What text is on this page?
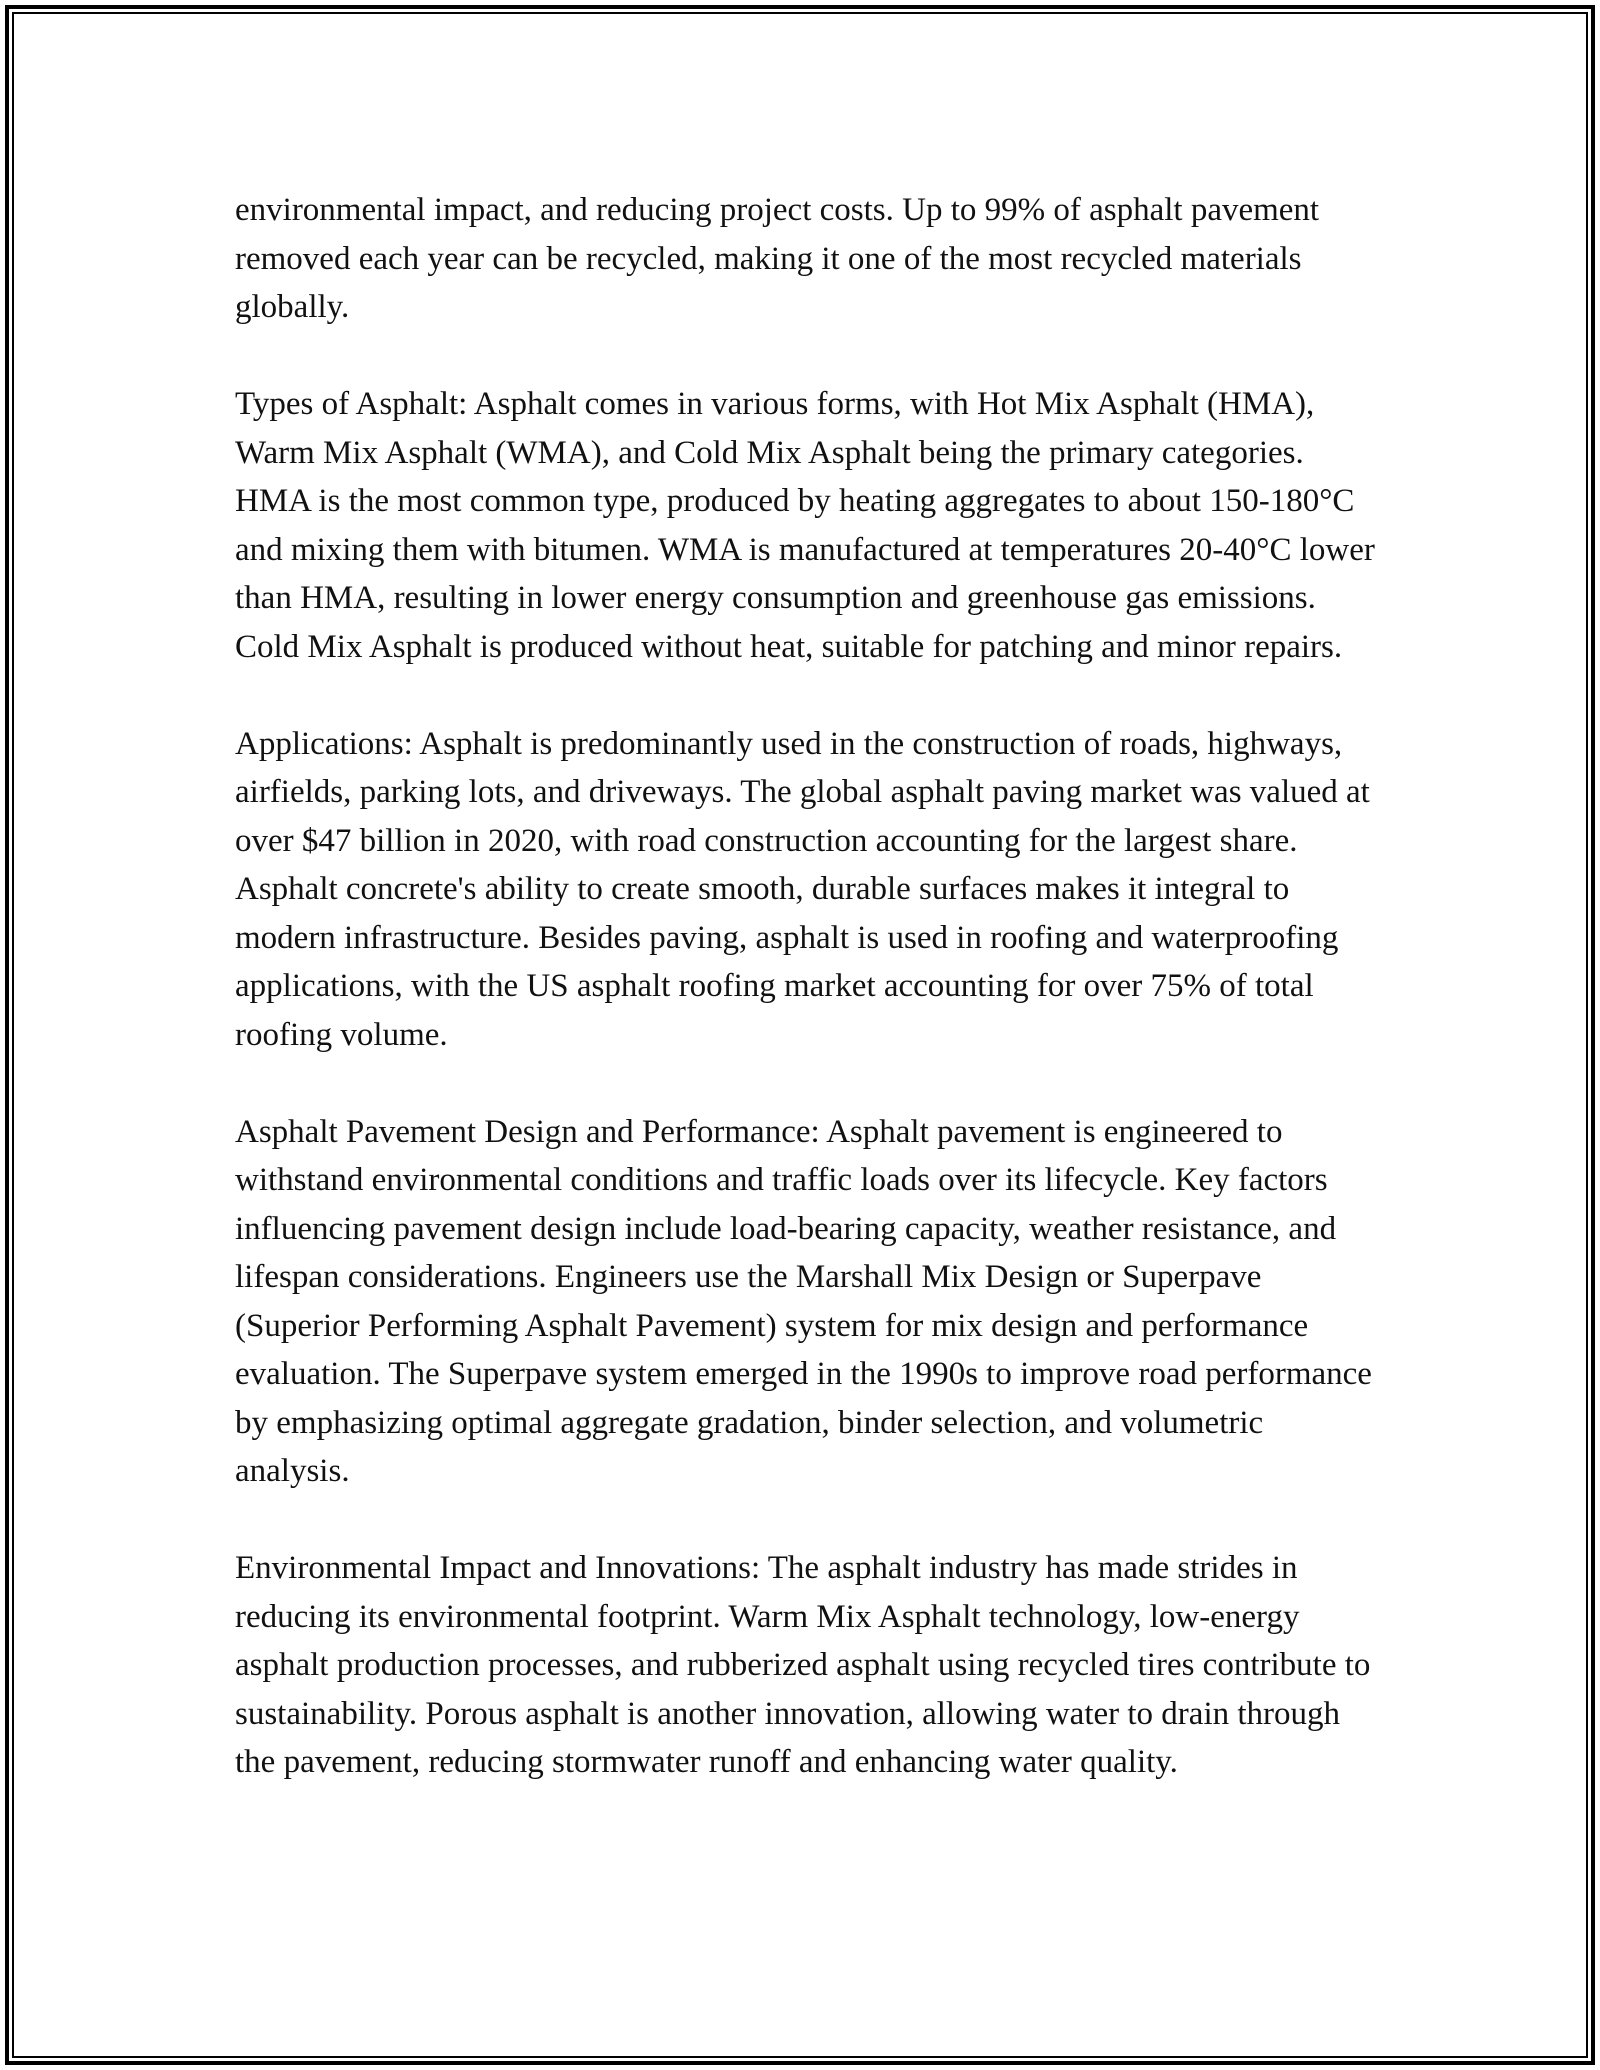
environmental impact, and reducing project costs. Up to 99% of asphalt pavement removed each year can be recycled, making it one of the most recycled materials globally.

Types of Asphalt: Asphalt comes in various forms, with Hot Mix Asphalt (HMA), Warm Mix Asphalt (WMA), and Cold Mix Asphalt being the primary categories. HMA is the most common type, produced by heating aggregates to about 150-180°C and mixing them with bitumen. WMA is manufactured at temperatures 20-40°C lower than HMA, resulting in lower energy consumption and greenhouse gas emissions. Cold Mix Asphalt is produced without heat, suitable for patching and minor repairs.

Applications: Asphalt is predominantly used in the construction of roads, highways, airfields, parking lots, and driveways. The global asphalt paving market was valued at over $47 billion in 2020, with road construction accounting for the largest share. Asphalt concrete's ability to create smooth, durable surfaces makes it integral to modern infrastructure. Besides paving, asphalt is used in roofing and waterproofing applications, with the US asphalt roofing market accounting for over 75% of total roofing volume.

Asphalt Pavement Design and Performance: Asphalt pavement is engineered to withstand environmental conditions and traffic loads over its lifecycle. Key factors influencing pavement design include load-bearing capacity, weather resistance, and lifespan considerations. Engineers use the Marshall Mix Design or Superpave (Superior Performing Asphalt Pavement) system for mix design and performance evaluation. The Superpave system emerged in the 1990s to improve road performance by emphasizing optimal aggregate gradation, binder selection, and volumetric analysis.

Environmental Impact and Innovations: The asphalt industry has made strides in reducing its environmental footprint. Warm Mix Asphalt technology, low-energy asphalt production processes, and rubberized asphalt using recycled tires contribute to sustainability. Porous asphalt is another innovation, allowing water to drain through the pavement, reducing stormwater runoff and enhancing water quality.
